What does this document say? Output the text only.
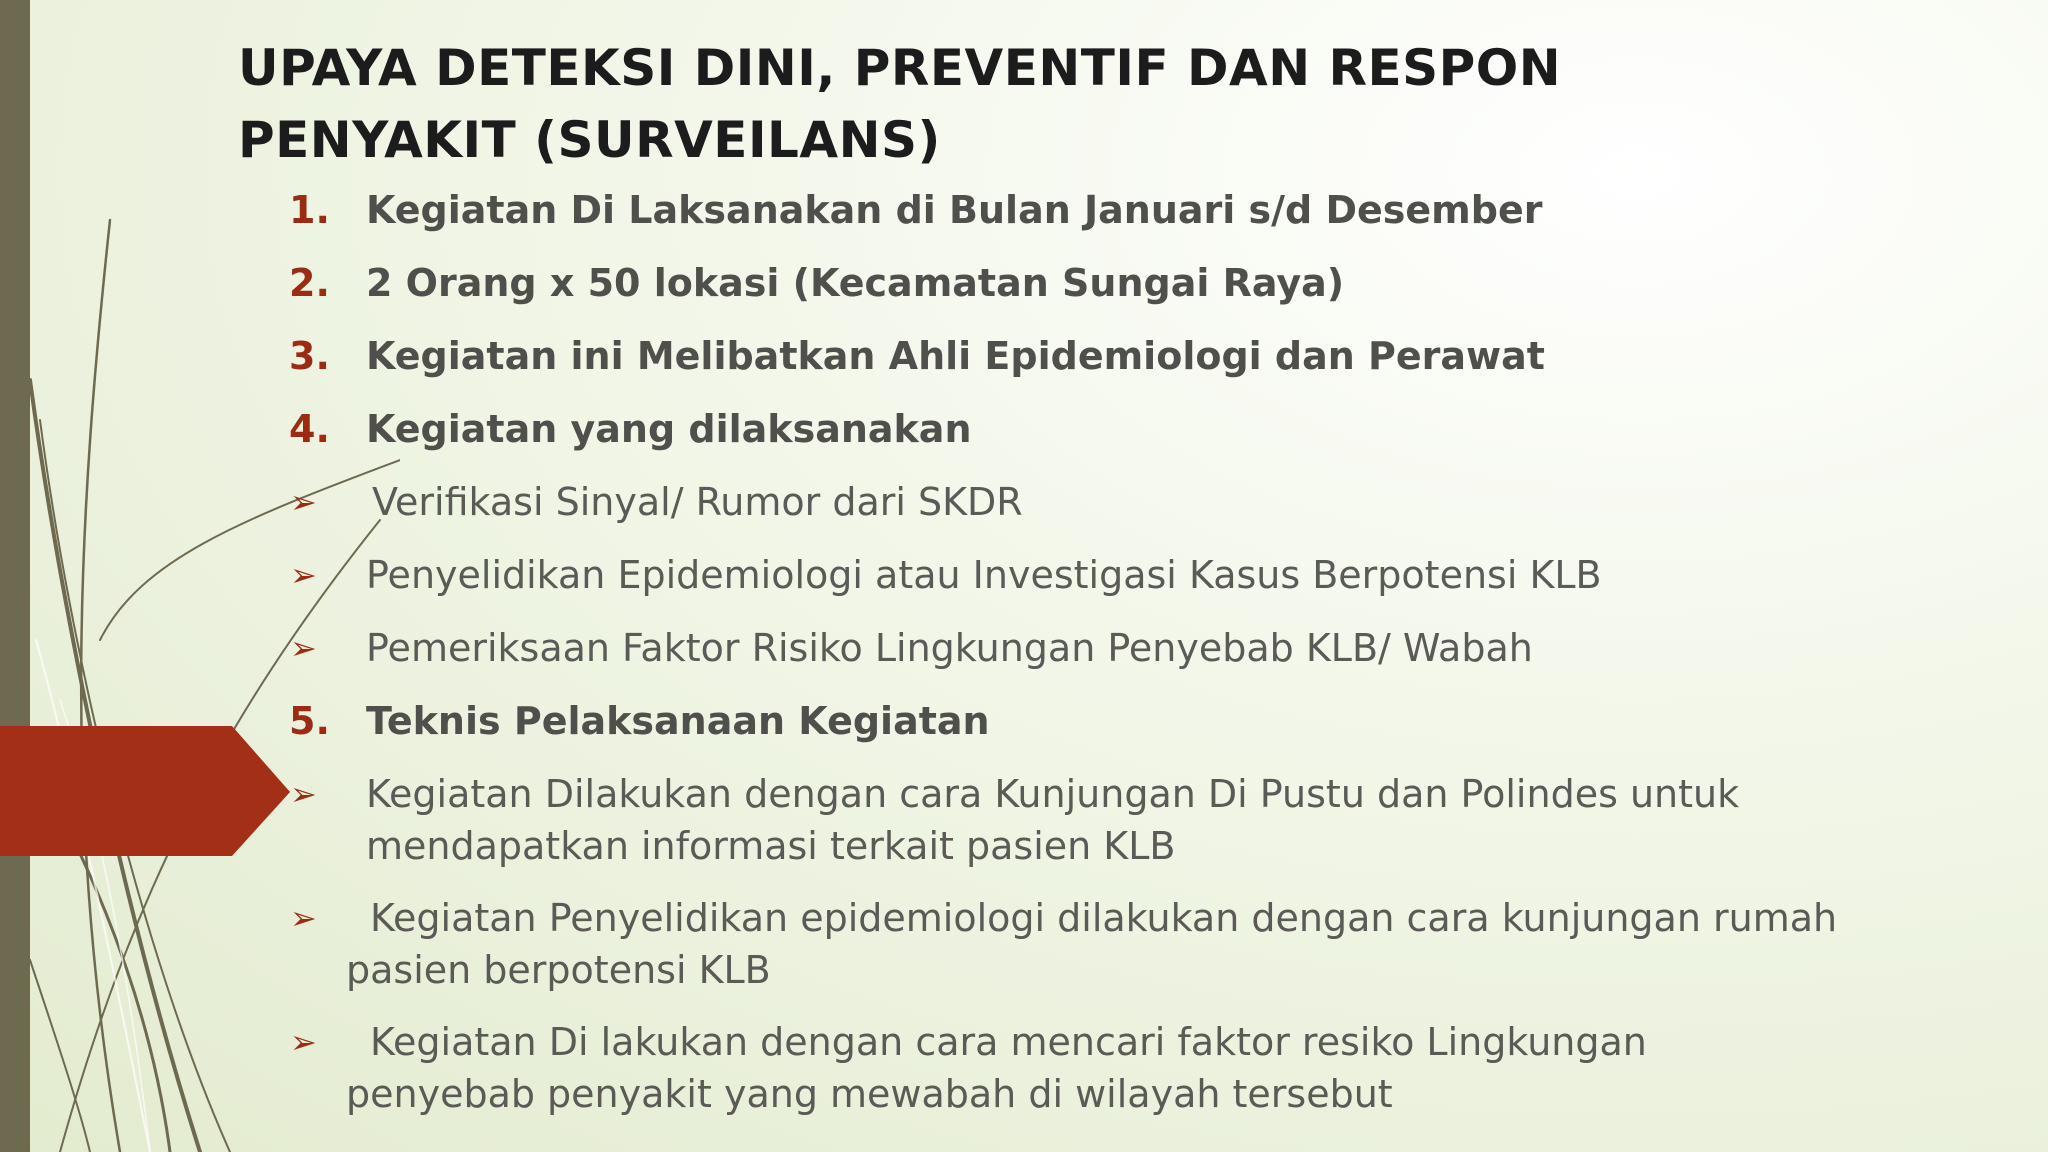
UPAYA DETEKSI DINI, PREVENTIF DAN RESPON
PENYAKIT (SURVEILANS)
1. Kegiatan Di Laksanakan di Bulan Januari s/d Desember
2. 2 Orang x 50 lokasi (Kecamatan Sungai Raya)
3. Kegiatan ini Melibatkan Ahli Epidemiologi dan Perawat
4. Kegiatan yang dilaksanakan
➢ Verifikasi Sinyal/ Rumor dari SKDR
➢ Penyelidikan Epidemiologi atau Investigasi Kasus Berpotensi KLB
➢ Pemeriksaan Faktor Risiko Lingkungan Penyebab KLB/ Wabah
5. Teknis Pelaksanaan Kegiatan
➢ Kegiatan Dilakukan dengan cara Kunjungan Di Pustu dan Polindes untuk mendapatkan informasi terkait pasien KLB
➢	Kegiatan Penyelidikan epidemiologi dilakukan dengan cara kunjungan rumah pasien berpotensi KLB
➢	Kegiatan Di lakukan dengan cara mencari faktor resiko Lingkungan penyebab penyakit yang mewabah di wilayah tersebut
